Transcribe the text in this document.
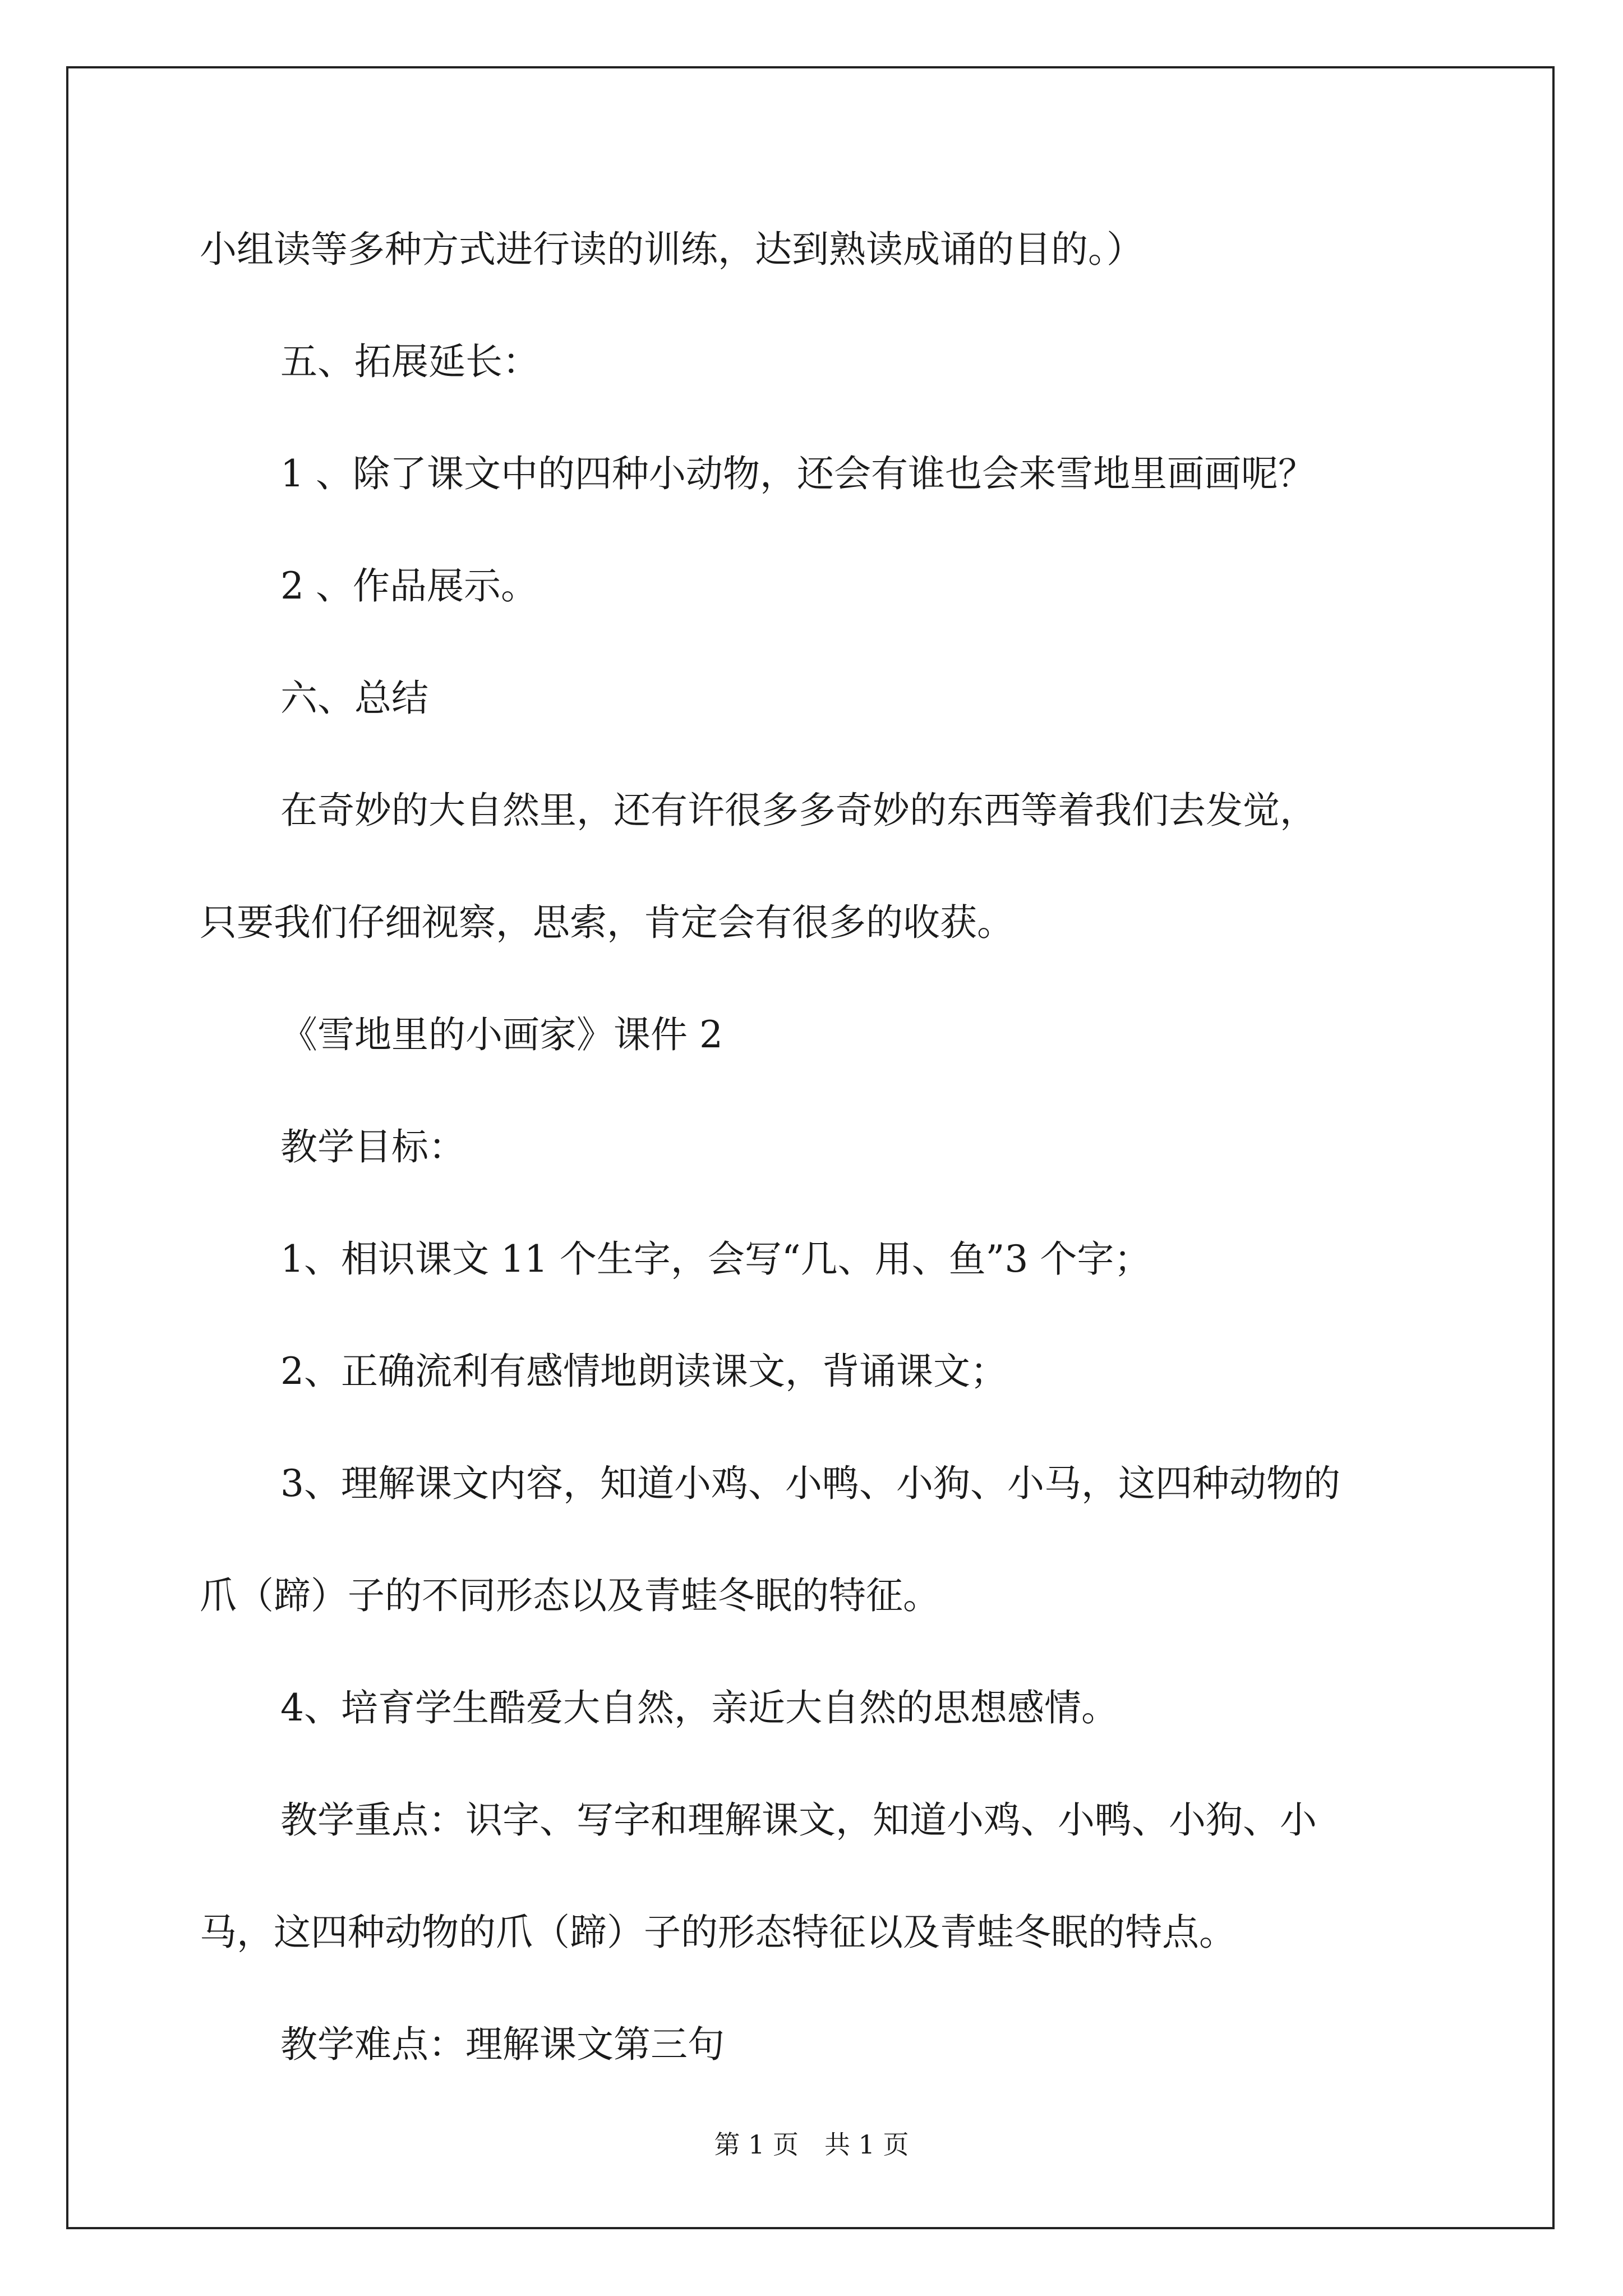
小组读等多种方式进行读的训练，达到熟读成诵的目的。）

五、拓展延长：

1 、除了课文中的四种小动物，还会有谁也会来雪地里画画呢？

2 、作品展示。

六、总结

在奇妙的大自然里，还有许很多多奇妙的东西等着我们去发觉，

只要我们仔细视察，思索，肯定会有很多的收获。

《雪地里的小画家》课件 2

教学目标：

1、相识课文 11 个生字，会写“几、用、鱼”3 个字；

2、正确流利有感情地朗读课文，背诵课文；

3、理解课文内容，知道小鸡、小鸭、小狗、小马，这四种动物的

爪（蹄）子的不同形态以及青蛙冬眠的特征。

4、培育学生酷爱大自然，亲近大自然的思想感情。

教学重点：识字、写字和理解课文，知道小鸡、小鸭、小狗、小

马，这四种动物的爪（蹄）子的形态特征以及青蛙冬眠的特点。

教学难点：理解课文第三句

第 1 页　共 1 页
